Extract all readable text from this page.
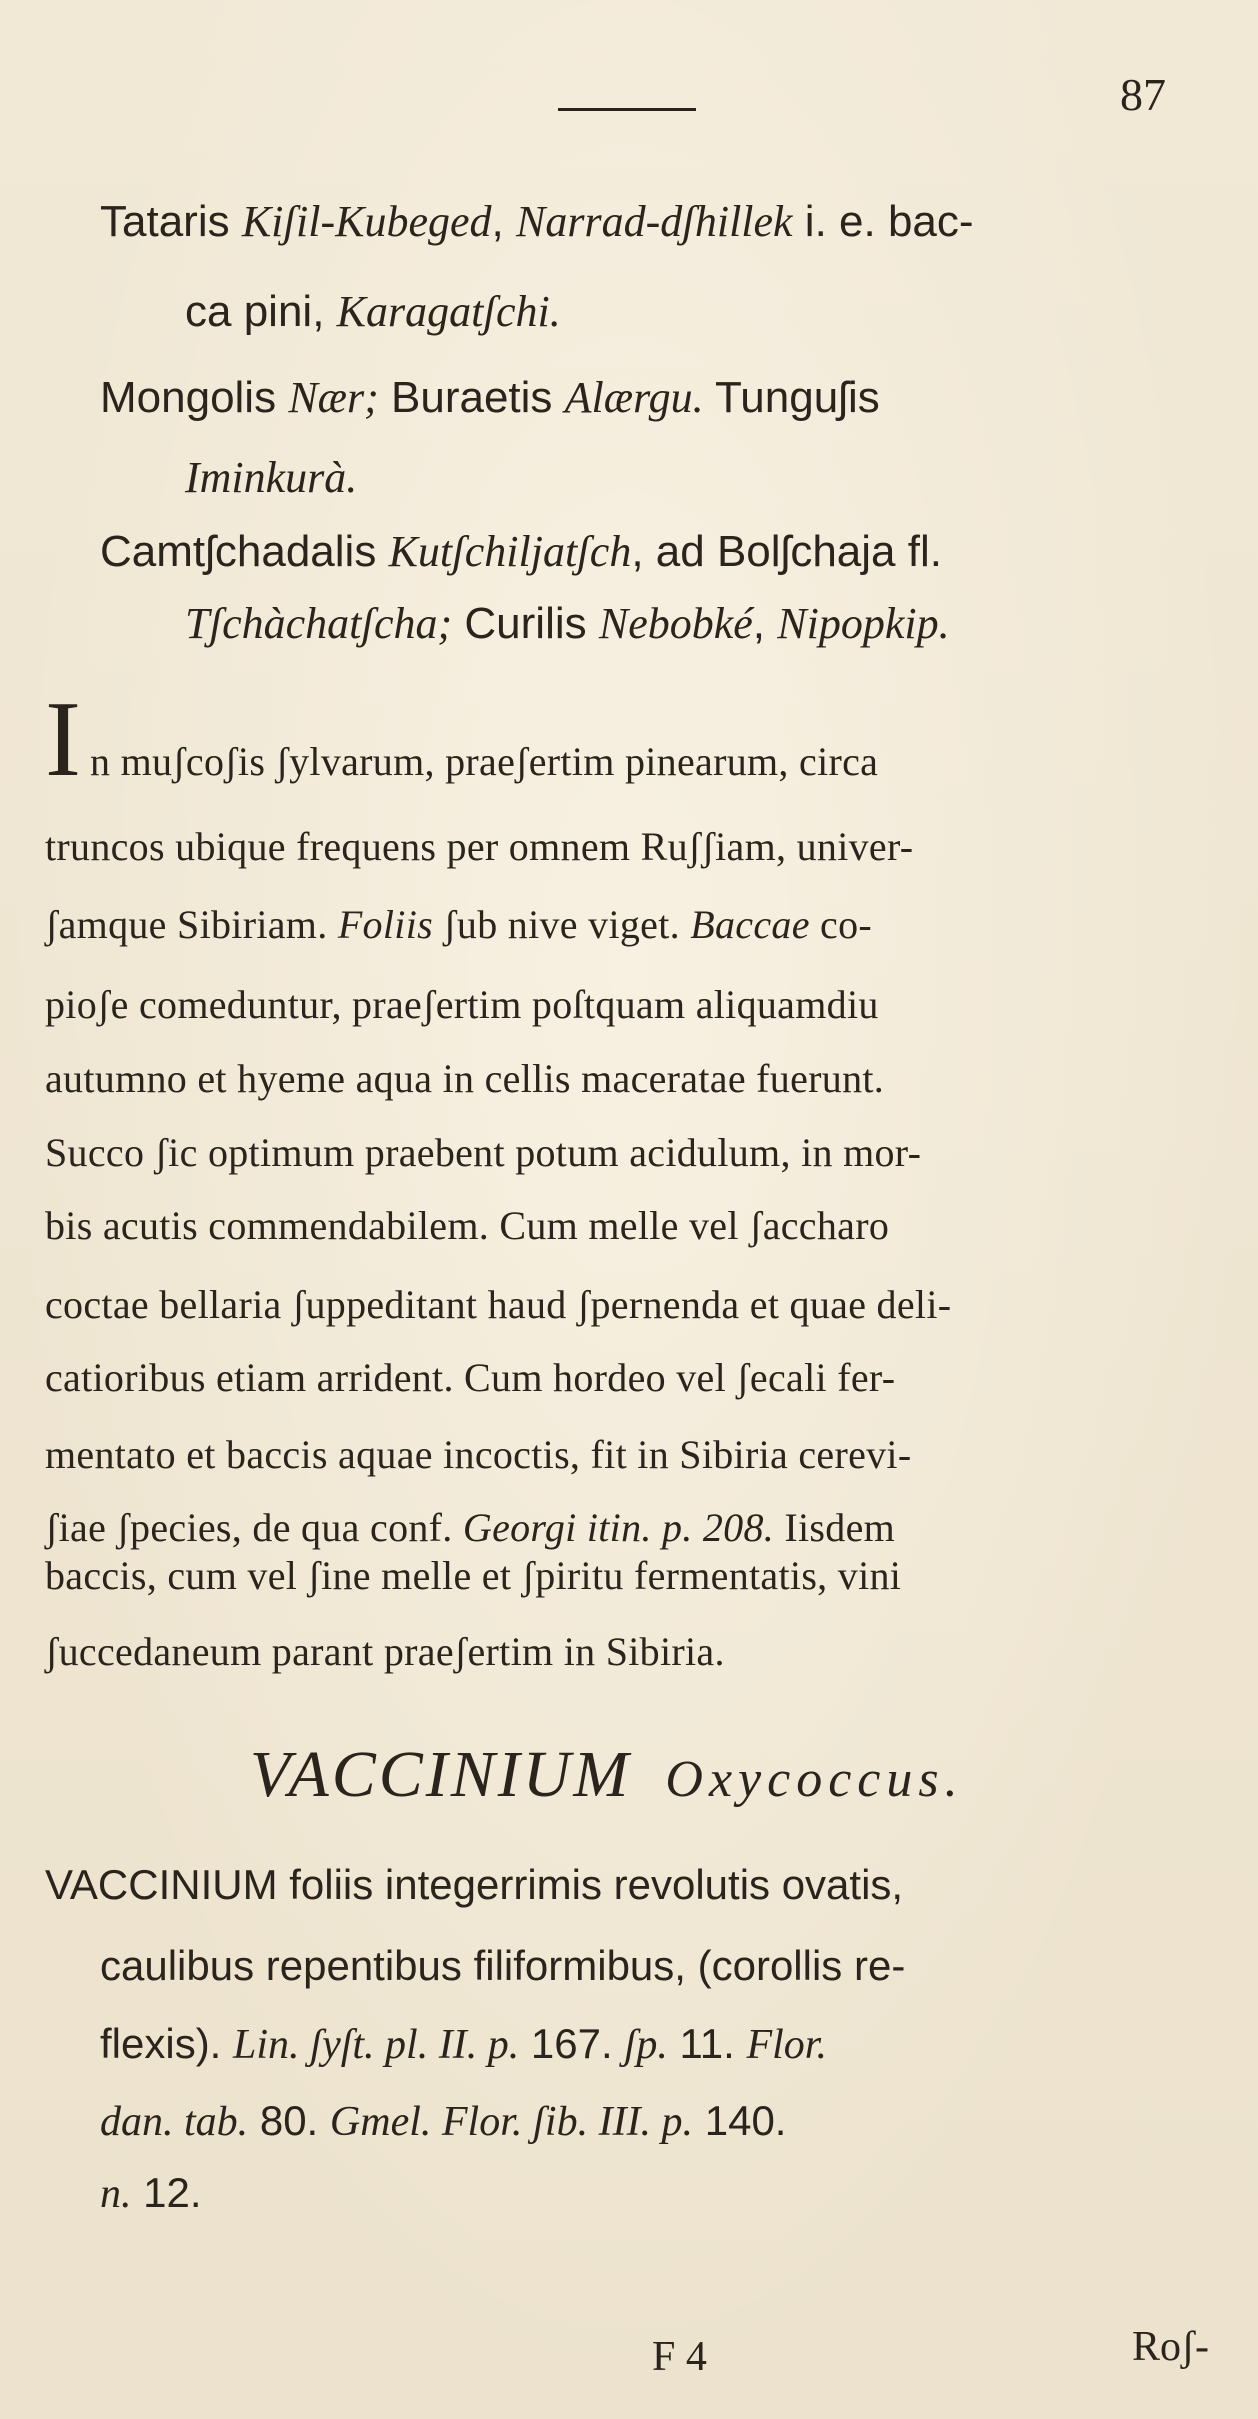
87
Tataris Kiʃil-Kubeged, Narrad-dʃhillek i. e. bac-
ca pini, Karagatʃchi.
Mongolis Nær; Buraetis Alærgu. Tunguʃis
Iminkurà.
Camtʃchadalis Kutʃchiljatʃch, ad Bolʃchaja fl.
Tʃchàchatʃcha; Curilis Nebobké, Nipopkip.
I n muʃcoʃis ʃylvarum, praeʃertim pinearum, circa
truncos ubique frequens per omnem Ruʃʃiam, univer-
ʃamque Sibiriam. Foliis ʃub nive viget. Baccae co-
pioʃe comeduntur, praeʃertim poſtquam aliquamdiu
autumno et hyeme aqua in cellis maceratae fuerunt.
Succo ʃic optimum praebent potum acidulum, in mor-
bis acutis commendabilem. Cum melle vel ʃaccharo
coctae bellaria ʃuppeditant haud ʃpernenda et quae deli-
catioribus etiam arrident. Cum hordeo vel ʃecali fer-
mentato et baccis aquae incoctis, fit in Sibiria cerevi-
ʃiae ʃpecies, de qua conf. Georgi itin. p. 208. Iisdem
baccis, cum vel ʃine melle et ʃpiritu fermentatis, vini
ʃuccedaneum parant praeʃertim in Sibiria.
VACCINIUM Oxycoccus.
VACCINIUM foliis integerrimis revolutis ovatis,
caulibus repentibus filiformibus, (corollis re-
flexis). Lin. ʃyſt. pl. II. p. 167. ʃp. 11. Flor.
dan. tab. 80. Gmel. Flor. ʃib. III. p. 140.
n. 12.
F 4	Roʃ-
